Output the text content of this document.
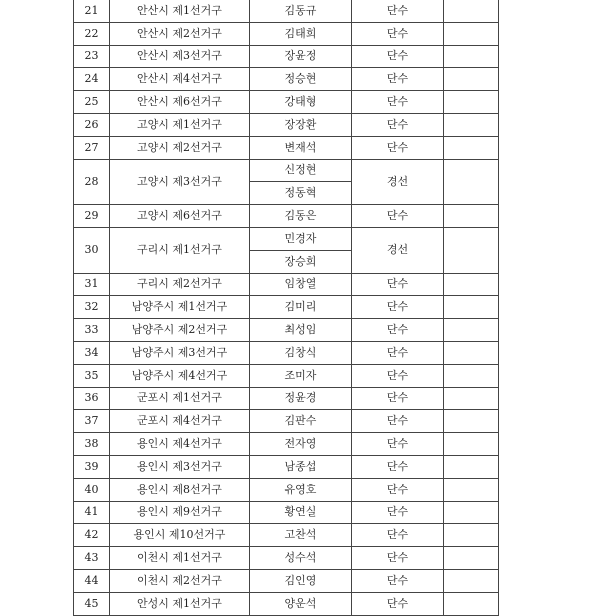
21	안산시 제1선거구	김동규	단수	
22	안산시 제2선거구	김태희	단수	
23	안산시 제3선거구	장윤정	단수	
24	안산시 제4선거구	정승현	단수	
25	안산시 제6선거구	강태형	단수	
26	고양시 제1선거구	장장환	단수	
27	고양시 제2선거구	변재석	단수	
28	고양시 제3선거구	신정현	경선	
		정동혁		
29	고양시 제6선거구	김동은	단수	
30	구리시 제1선거구	민경자	경선	
		장승희		
31	구리시 제2선거구	임창열	단수	
32	남양주시 제1선거구	김미리	단수	
33	남양주시 제2선거구	최성임	단수	
34	남양주시 제3선거구	김창식	단수	
35	남양주시 제4선거구	조미자	단수	
36	군포시 제1선거구	정윤경	단수	
37	군포시 제4선거구	김판수	단수	
38	용인시 제4선거구	전자영	단수	
39	용인시 제3선거구	남종섭	단수	
40	용인시 제8선거구	유영호	단수	
41	용인시 제9선거구	황연실	단수	
42	용인시 제10선거구	고찬석	단수	
43	이천시 제1선거구	성수석	단수	
44	이천시 제2선거구	김인영	단수	
45	안성시 제1선거구	양운석	단수	
